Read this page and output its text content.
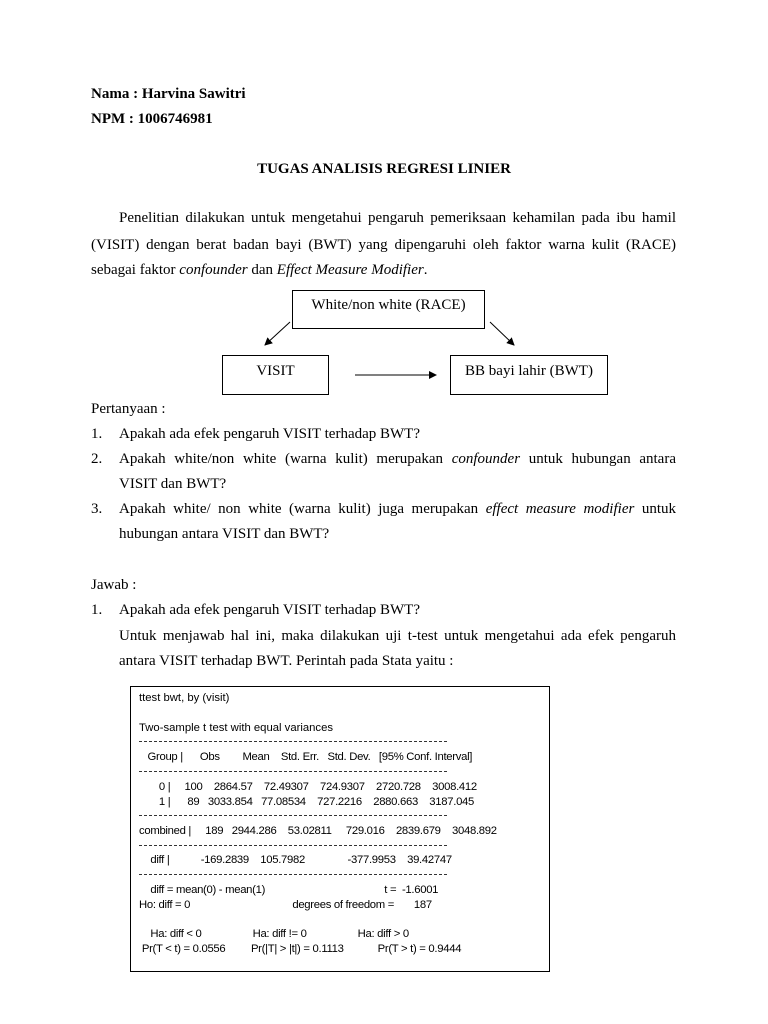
Nama : Harvina Sawitri
NPM : 1006746981
TUGAS ANALISIS REGRESI LINIER
Penelitian dilakukan untuk mengetahui pengaruh pemeriksaan kehamilan pada ibu hamil
(VISIT) dengan berat badan bayi (BWT) yang dipengaruhi oleh faktor warna kulit (RACE)
sebagai faktor confounder dan Effect Measure Modifier.
White/non white (RACE)
VISIT	BB bayi lahir (BWT)
Pertanyaan :
1. Apakah ada efek pengaruh VISIT terhadap BWT?
2. Apakah white/non white (warna kulit) merupakan confounder untuk hubungan antara
VISIT dan BWT?
3. Apakah white/ non white (warna kulit) juga merupakan effect measure modifier untuk
hubungan antara VISIT dan BWT?
Jawab :
1. Apakah ada efek pengaruh VISIT terhadap BWT?
Untuk menjawab hal ini, maka dilakukan uji t-test untuk mengetahui ada efek pengaruh
antara VISIT terhadap BWT. Perintah pada Stata yaitu :
ttest bwt, by (visit)
Two-sample t test with equal variances
Group |      Obs        Mean    Std. Err.   Std. Dev.   [95% Conf. Interval]
0 |     100    2864.57    72.49307    724.9307    2720.728    3008.412
1 |      89   3033.854   77.08534    727.2216    2880.663    3187.045
combined |     189   2944.286    53.02811     729.016    2839.679    3048.892
diff |           -169.2839    105.7982               -377.9953    39.42747
diff = mean(0) - mean(1)                                          t =  -1.6001
Ho: diff = 0                                    degrees of freedom =       187
Ha: diff < 0                  Ha: diff != 0                  Ha: diff > 0
Pr(T < t) = 0.0556         Pr(|T| > |t|) = 0.1113            Pr(T > t) = 0.9444
